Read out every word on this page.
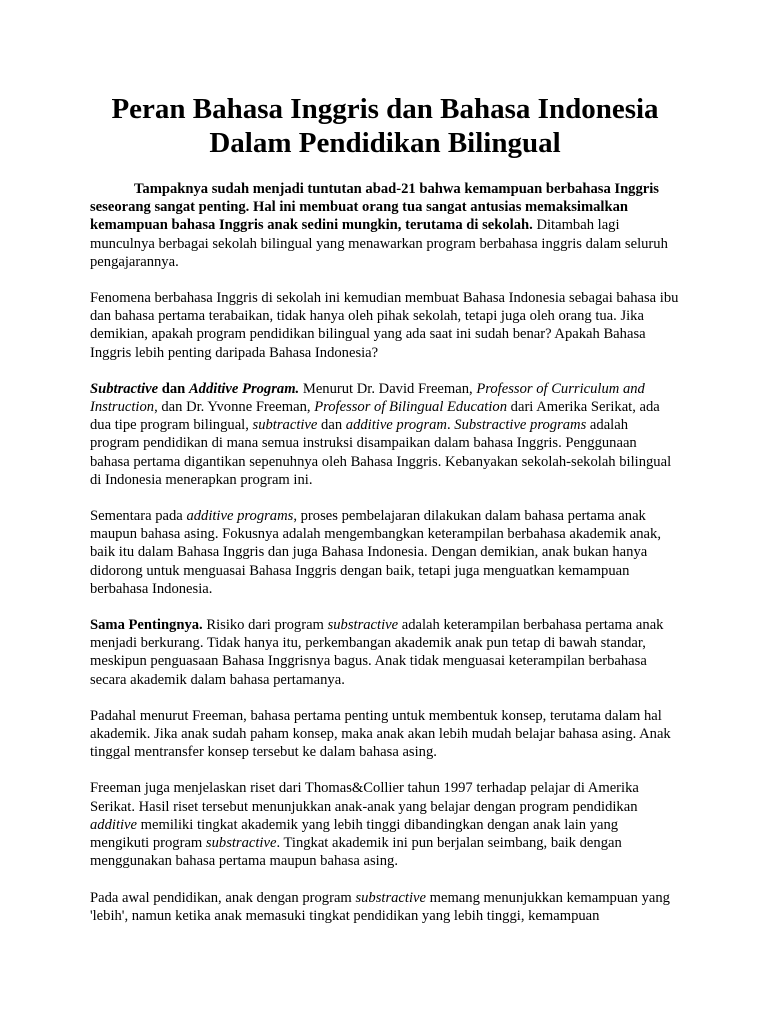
Peran Bahasa Inggris dan Bahasa Indonesia
Dalam Pendidikan Bilingual

Tampaknya sudah menjadi tuntutan abad-21 bahwa kemampuan berbahasa Inggris seseorang sangat penting. Hal ini membuat orang tua sangat antusias memaksimalkan kemampuan bahasa Inggris anak sedini mungkin, terutama di sekolah. Ditambah lagi munculnya berbagai sekolah bilingual yang menawarkan program berbahasa inggris dalam seluruh pengajarannya.

Fenomena berbahasa Inggris di sekolah ini kemudian membuat Bahasa Indonesia sebagai bahasa ibu dan bahasa pertama terabaikan, tidak hanya oleh pihak sekolah, tetapi juga oleh orang tua. Jika demikian, apakah program pendidikan bilingual yang ada saat ini sudah benar? Apakah Bahasa Inggris lebih penting daripada Bahasa Indonesia?

Subtractive dan Additive Program. Menurut Dr. David Freeman, Professor of Curriculum and Instruction, dan Dr. Yvonne Freeman, Professor of Bilingual Education dari Amerika Serikat, ada dua tipe program bilingual, subtractive dan additive program. Substractive programs adalah program pendidikan di mana semua instruksi disampaikan dalam bahasa Inggris. Penggunaan bahasa pertama digantikan sepenuhnya oleh Bahasa Inggris. Kebanyakan sekolah-sekolah bilingual di Indonesia menerapkan program ini.

Sementara pada additive programs, proses pembelajaran dilakukan dalam bahasa pertama anak maupun bahasa asing. Fokusnya adalah mengembangkan keterampilan berbahasa akademik anak, baik itu dalam Bahasa Inggris dan juga Bahasa Indonesia. Dengan demikian, anak bukan hanya didorong untuk menguasai Bahasa Inggris dengan baik, tetapi juga menguatkan kemampuan berbahasa Indonesia.

Sama Pentingnya. Risiko dari program substractive adalah keterampilan berbahasa pertama anak menjadi berkurang. Tidak hanya itu, perkembangan akademik anak pun tetap di bawah standar, meskipun penguasaan Bahasa Inggrisnya bagus. Anak tidak menguasai keterampilan berbahasa secara akademik dalam bahasa pertamanya.

Padahal menurut Freeman, bahasa pertama penting untuk membentuk konsep, terutama dalam hal akademik. Jika anak sudah paham konsep, maka anak akan lebih mudah belajar bahasa asing. Anak tinggal mentransfer konsep tersebut ke dalam bahasa asing.

Freeman juga menjelaskan riset dari Thomas&Collier tahun 1997 terhadap pelajar di Amerika Serikat. Hasil riset tersebut menunjukkan anak-anak yang belajar dengan program pendidikan additive memiliki tingkat akademik yang lebih tinggi dibandingkan dengan anak lain yang mengikuti program substractive. Tingkat akademik ini pun berjalan seimbang, baik dengan menggunakan bahasa pertama maupun bahasa asing.

Pada awal pendidikan, anak dengan program substractive memang menunjukkan kemampuan yang 'lebih', namun ketika anak memasuki tingkat pendidikan yang lebih tinggi, kemampuan
